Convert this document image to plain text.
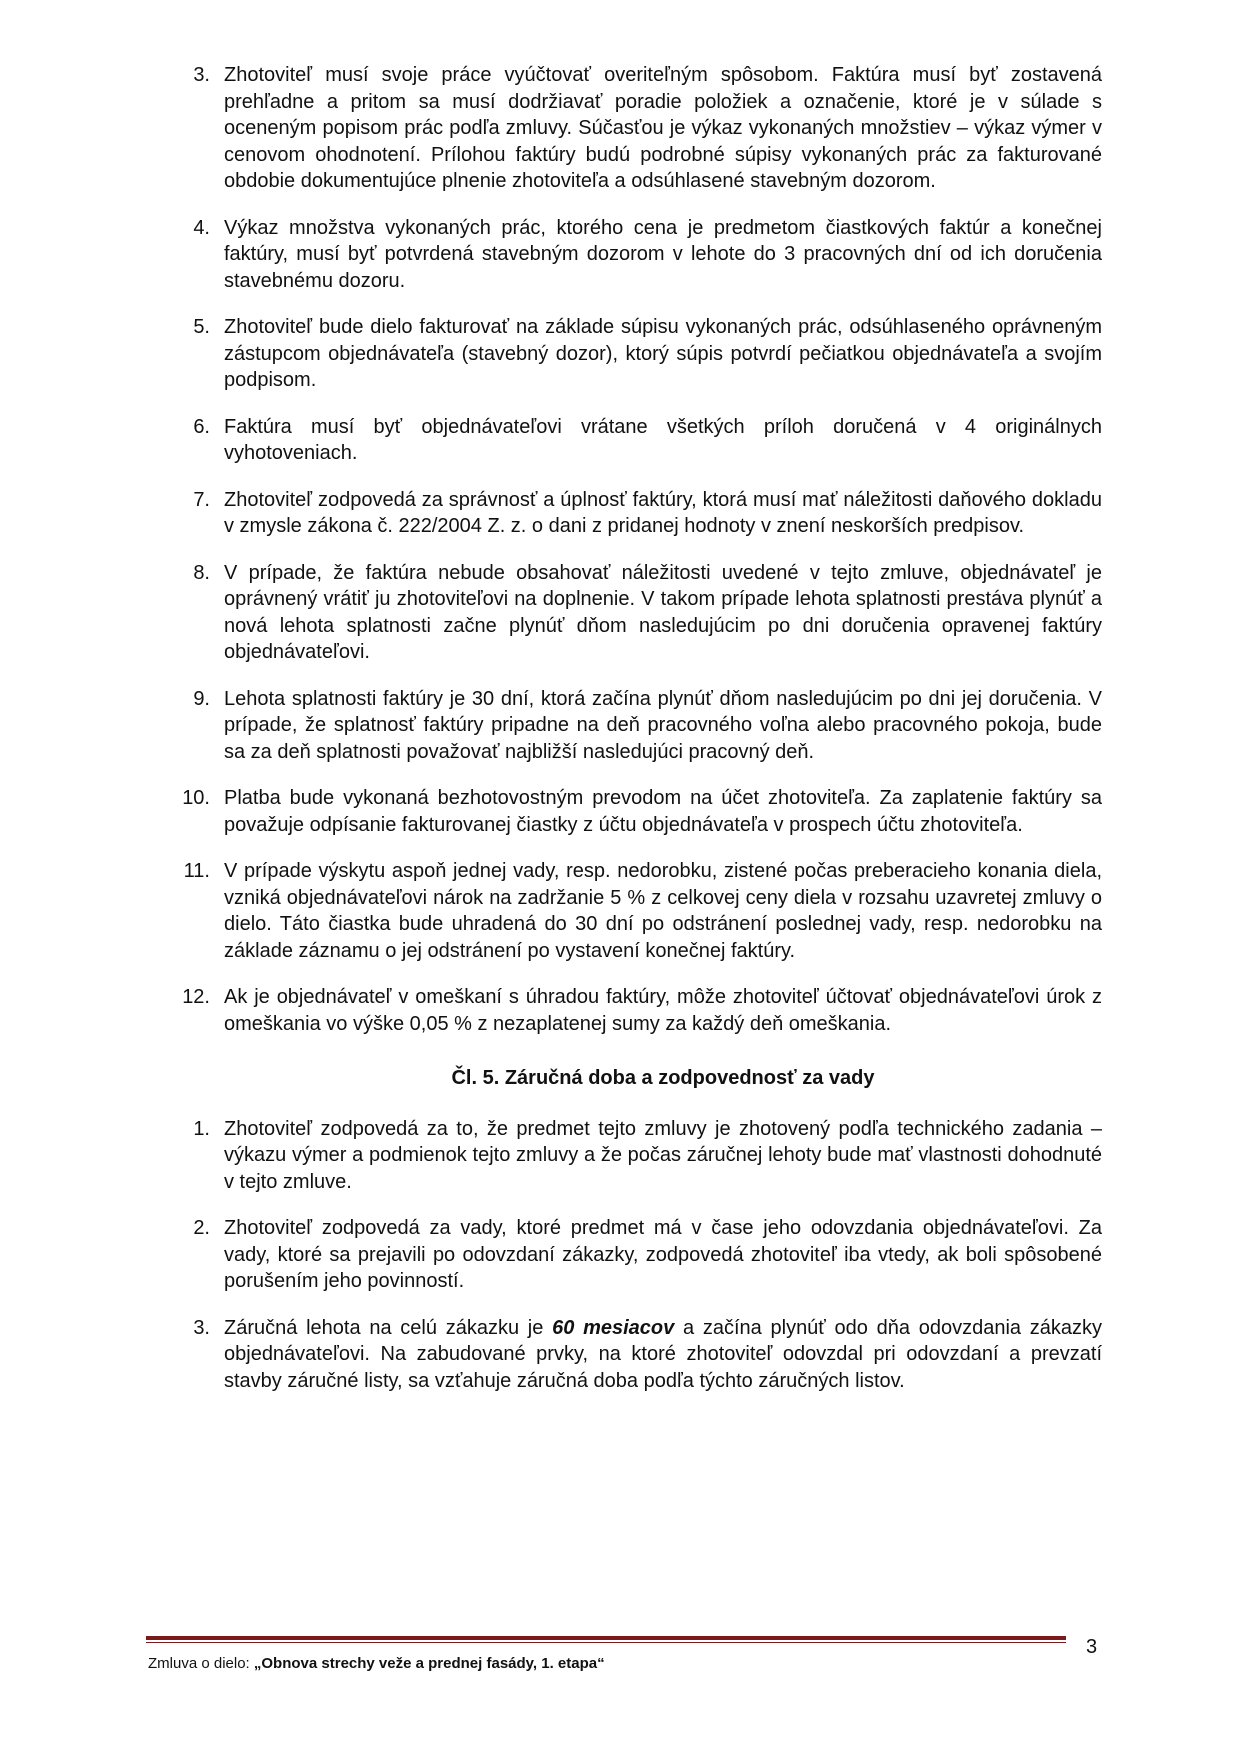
3. Zhotoviteľ musí svoje práce vyúčtovať overiteľným spôsobom. Faktúra musí byť zostavená prehľadne a pritom sa musí dodržiavať poradie položiek a označenie, ktoré je v súlade s oceneným popisom prác podľa zmluvy. Súčasťou je výkaz vykonaných množstiev – výkaz výmer v cenovom ohodnotení. Prílohou faktúry budú podrobné súpisy vykonaných prác za fakturované obdobie dokumentujúce plnenie zhotoviteľa a odsúhlasené stavebným dozorom.
4. Výkaz množstva vykonaných prác, ktorého cena je predmetom čiastkových faktúr a konečnej faktúry, musí byť potvrdená stavebným dozorom v lehote do 3 pracovných dní od ich doručenia stavebnému dozoru.
5. Zhotoviteľ bude dielo fakturovať na základe súpisu vykonaných prác, odsúhlaseného oprávneným zástupcom objednávateľa (stavebný dozor), ktorý súpis potvrdí pečiatkou objednávateľa a svojím podpisom.
6. Faktúra musí byť objednávateľovi vrátane všetkých príloh doručená v 4 originálnych vyhotoveniach.
7. Zhotoviteľ zodpovedá za správnosť a úplnosť faktúry, ktorá musí mať náležitosti daňového dokladu v zmysle zákona č. 222/2004 Z. z. o dani z pridanej hodnoty v znení neskorších predpisov.
8. V prípade, že faktúra nebude obsahovať náležitosti uvedené v tejto zmluve, objednávateľ je oprávnený vrátiť ju zhotoviteľovi na doplnenie. V takom prípade lehota splatnosti prestáva plynúť a nová lehota splatnosti začne plynúť dňom nasledujúcim po dni doručenia opravenej faktúry objednávateľovi.
9. Lehota splatnosti faktúry je 30 dní, ktorá začína plynúť dňom nasledujúcim po dni jej doručenia. V prípade, že splatnosť faktúry pripadne na deň pracovného voľna alebo pracovného pokoja, bude sa za deň splatnosti považovať najbližší nasledujúci pracovný deň.
10. Platba bude vykonaná bezhotovostným prevodom na účet zhotoviteľa. Za zaplatenie faktúry sa považuje odpísanie fakturovanej čiastky z účtu objednávateľa v prospech účtu zhotoviteľa.
11. V prípade výskytu aspoň jednej vady, resp. nedorobku, zistené počas preberacieho konania diela, vzniká objednávateľovi nárok na zadržanie 5 % z celkovej ceny diela v rozsahu uzavretej zmluvy o dielo. Táto čiastka bude uhradená do 30 dní po odstránení poslednej vady, resp. nedorobku na základe záznamu o jej odstránení po vystavení konečnej faktúry.
12. Ak je objednávateľ v omeškaní s úhradou faktúry, môže zhotoviteľ účtovať objednávateľovi úrok z omeškania vo výške 0,05 % z nezaplatenej sumy za každý deň omeškania.
Čl. 5. Záručná doba a zodpovednosť za vady
1. Zhotoviteľ zodpovedá za to, že predmet tejto zmluvy je zhotovený podľa technického zadania – výkazu výmer a podmienok tejto zmluvy a že počas záručnej lehoty bude mať vlastnosti dohodnuté v tejto zmluve.
2. Zhotoviteľ zodpovedá za vady, ktoré predmet má v čase jeho odovzdania objednávateľovi. Za vady, ktoré sa prejavili po odovzdaní zákazky, zodpovedá zhotoviteľ iba vtedy, ak boli spôsobené porušením jeho povinností.
3. Záručná lehota na celú zákazku je 60 mesiacov a začína plynúť odo dňa odovzdania zákazky objednávateľovi. Na zabudované prvky, na ktoré zhotoviteľ odovzdal pri odovzdaní a prevzatí stavby záručné listy, sa vzťahuje záručná doba podľa týchto záručných listov.
Zmluva o dielo: „Obnova strechy veže a prednej fasády, 1. etapa“
3
